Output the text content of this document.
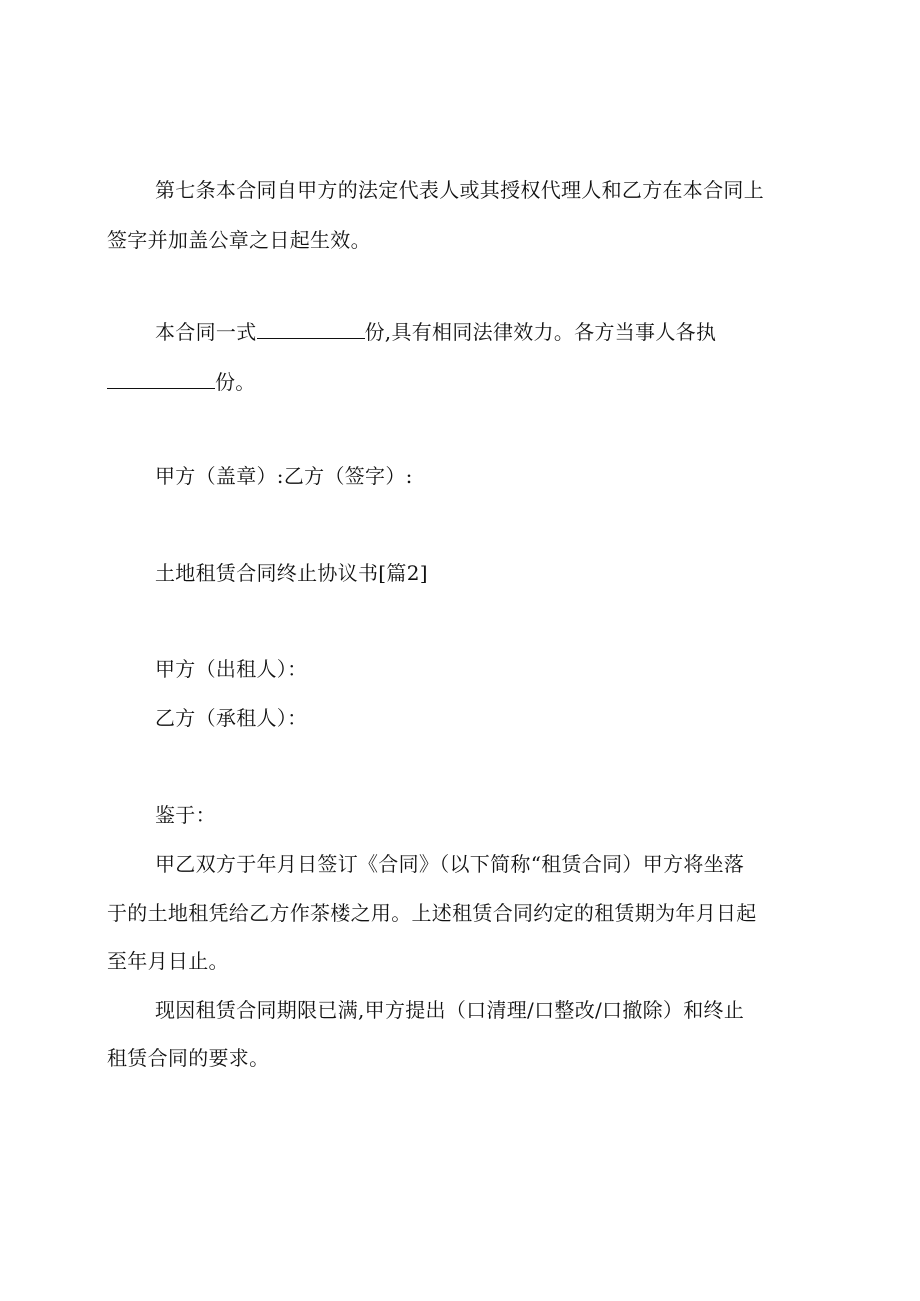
第七条本合同自甲方的法定代表人或其授权代理人和乙方在本合同上
签字并加盖公章之日起生效。
本合同一式	份,具有相同法律效力。各方当事人各执
份。
甲方（盖章）:乙方（签字）:
土地租赁合同终止协议书[篇2]
甲方（出租人）：
乙方（承租人）：
鉴于：
甲乙双方于年月日签订《合同》（以下简称“租赁合同）甲方将坐落
于的土地租凭给乙方作茶楼之用。上述租赁合同约定的租赁期为年月日起
至年月日止。
现因租赁合同期限已满,甲方提出（口清理/口整改/口撤除）和终止
租赁合同的要求。
